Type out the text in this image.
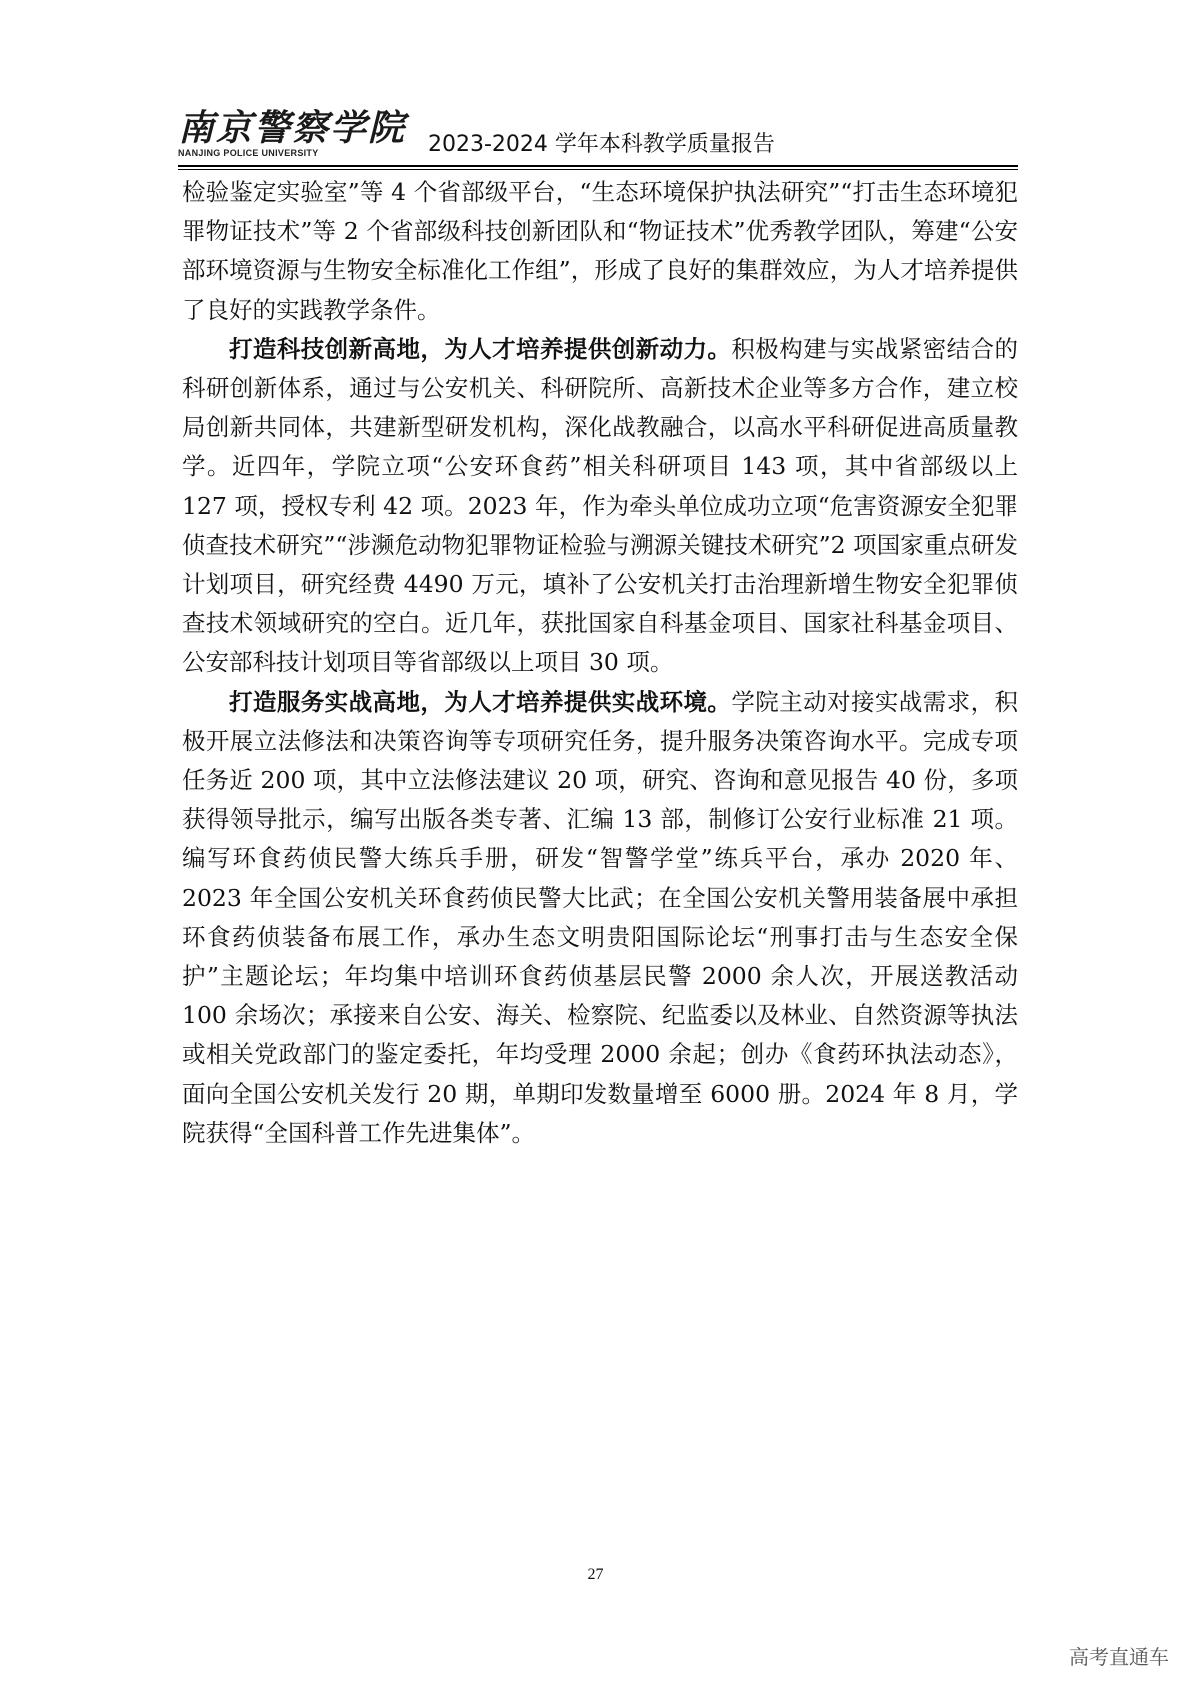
南京警察学院
NANJING POLICE UNIVERSITY	2023-2024 学年本科教学质量报告

检验鉴定实验室”等 4 个省部级平台，“生态环境保护执法研究”“打击生态环境犯罪物证技术”等 2 个省部级科技创新团队和“物证技术”优秀教学团队，筹建“公安部环境资源与生物安全标准化工作组”，形成了良好的集群效应，为人才培养提供了良好的实践教学条件。

打造科技创新高地，为人才培养提供创新动力。积极构建与实战紧密结合的科研创新体系，通过与公安机关、科研院所、高新技术企业等多方合作，建立校局创新共同体，共建新型研发机构，深化战教融合，以高水平科研促进高质量教学。近四年，学院立项“公安环食药”相关科研项目 143 项，其中省部级以上 127 项，授权专利 42 项。2023 年，作为牵头单位成功立项“危害资源安全犯罪侦查技术研究”“涉濒危动物犯罪物证检验与溯源关键技术研究”2 项国家重点研发计划项目，研究经费 4490 万元，填补了公安机关打击治理新增生物安全犯罪侦查技术领域研究的空白。近几年，获批国家自科基金项目、国家社科基金项目、公安部科技计划项目等省部级以上项目 30 项。

打造服务实战高地，为人才培养提供实战环境。学院主动对接实战需求，积极开展立法修法和决策咨询等专项研究任务，提升服务决策咨询水平。完成专项任务近 200 项，其中立法修法建议 20 项，研究、咨询和意见报告 40 份，多项获得领导批示，编写出版各类专著、汇编 13 部，制修订公安行业标准 21 项。编写环食药侦民警大练兵手册，研发“智警学堂”练兵平台，承办 2020 年、2023 年全国公安机关环食药侦民警大比武；在全国公安机关警用装备展中承担环食药侦装备布展工作，承办生态文明贵阳国际论坛“刑事打击与生态安全保护”主题论坛；年均集中培训环食药侦基层民警 2000 余人次，开展送教活动 100 余场次；承接来自公安、海关、检察院、纪监委以及林业、自然资源等执法或相关党政部门的鉴定委托，年均受理 2000 余起；创办《食药环执法动态》，面向全国公安机关发行 20 期，单期印发数量增至 6000 册。2024 年 8 月，学院获得“全国科普工作先进集体”。

27
高考直通车
